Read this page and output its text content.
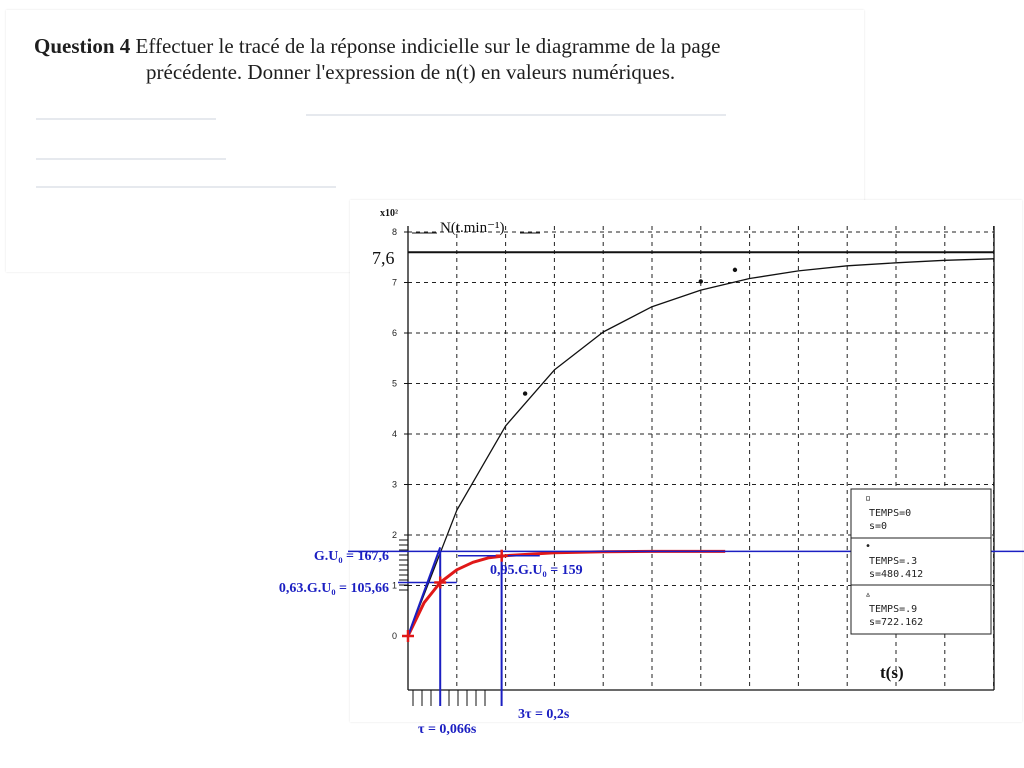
Question 4 Effectuer le tracé de la réponse indicielle sur le diagramme de la page
précédente. Donner l'expression de n(t) en valeurs numériques.
0
1
2
3
4
5
6
7
8
▫
TEMPS=0
s=0
•
TEMPS=.3
s=480.412
▵
TEMPS=.9
s=722.162
x10²
N(t.min⁻¹)
7,6
t(s)
G.U₀ = 167,6
0,63.G.U₀ = 105,66
0,95.G.U₀ = 159
τ = 0,066s
3τ = 0,2s
